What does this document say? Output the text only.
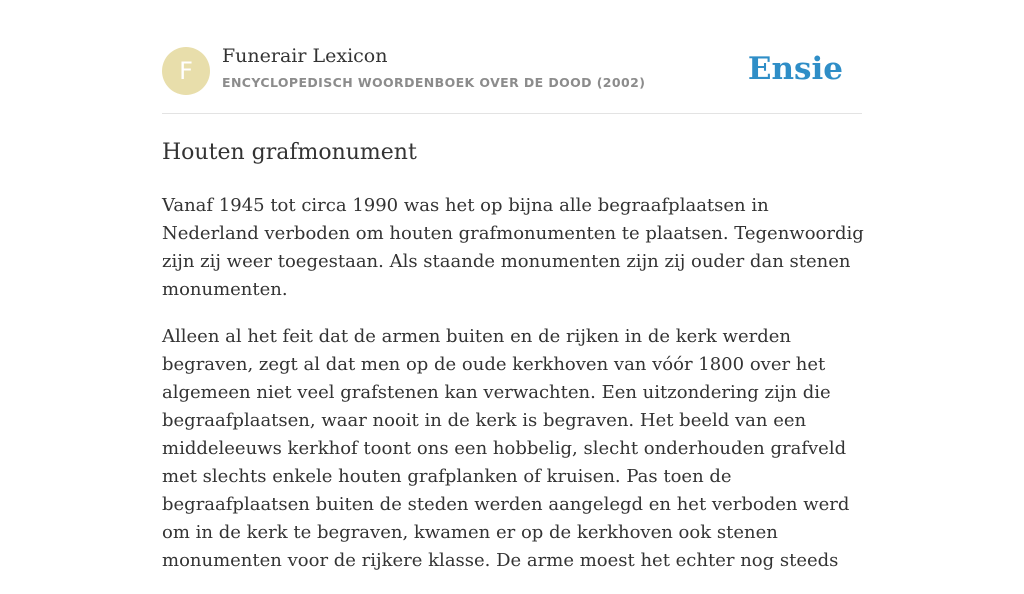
F
Funerair Lexicon
ENCYCLOPEDISCH WOORDENBOEK OVER DE DOOD (2002)	Ensie
Houten grafmonument

Vanaf 1945 tot circa 1990 was het op bijna alle begraafplaatsen in Nederland verboden om houten grafmonumenten te plaatsen. Tegenwoordig zijn zij weer toegestaan. Als staande monumenten zijn zij ouder dan stenen monumenten.

Alleen al het feit dat de armen buiten en de rijken in de kerk werden begraven, zegt al dat men op de oude kerkhoven van vóór 1800 over het algemeen niet veel grafstenen kan verwachten. Een uitzondering zijn die begraafplaatsen, waar nooit in de kerk is begraven. Het beeld van een middeleeuws kerkhof toont ons een hobbelig, slecht onderhouden grafveld met slechts enkele houten grafplanken of kruisen. Pas toen de begraafplaatsen buiten de steden werden aangelegd en het verboden werd om in de kerk te begraven, kwamen er op de kerkhoven ook stenen monumenten voor de rijkere klasse. De arme moest het echter nog steeds
